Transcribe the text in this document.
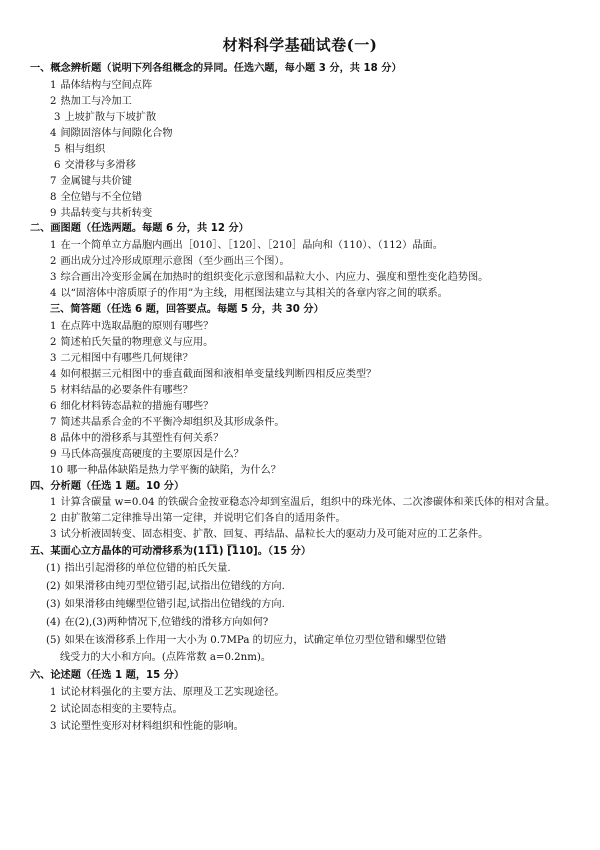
材料科学基础试卷(一)
一、概念辨析题（说明下列各组概念的异同。任选六题，每小题 3 分，共 18 分）
1 晶体结构与空间点阵
2 热加工与冷加工
3 上坡扩散与下坡扩散
4 间隙固溶体与间隙化合物
5 相与组织
6 交滑移与多滑移
7 金属键与共价键
8 全位错与不全位错
9 共晶转变与共析转变
二、画图题（任选两题。每题 6 分，共 12 分）
1 在一个简单立方晶胞内画出［010］、［120］、［210］晶向和（110）、（112）晶面。
2 画出成分过冷形成原理示意图（至少画出三个图）。
3 综合画出冷变形金属在加热时的组织变化示意图和晶粒大小、内应力、强度和塑性变化趋势图。
4 以“固溶体中溶质原子的作用”为主线，用框图法建立与其相关的各章内容之间的联系。
三、简答题（任选 6 题，回答要点。每题 5 分，共 30 分）
1 在点阵中选取晶胞的原则有哪些？
2 简述柏氏矢量的物理意义与应用。
3 二元相图中有哪些几何规律？
4 如何根据三元相图中的垂直截面图和液相单变量线判断四相反应类型？
5 材料结晶的必要条件有哪些？
6 细化材料铸态晶粒的措施有哪些？
7 简述共晶系合金的不平衡冷却组织及其形成条件。
8 晶体中的滑移系与其塑性有何关系？
9 马氏体高强度高硬度的主要原因是什么？
10 哪一种晶体缺陷是热力学平衡的缺陷，为什么？
四、分析题（任选 1 题。10 分）
1 计算含碳量 w=0.04 的铁碳合金按亚稳态冷却到室温后，组织中的珠光体、二次渗碳体和莱氏体的相对含量。
2 由扩散第二定律推导出第一定律，并说明它们各自的适用条件。
3 试分析液固转变、固态相变、扩散、回复、再结晶、晶粒长大的驱动力及可能对应的工艺条件。
五、某面心立方晶体的可动滑移系为(11͞1) [͞110]。（15 分）
(1) 指出引起滑移的单位位错的柏氏矢量.
(2) 如果滑移由纯刃型位错引起,试指出位错线的方向.
(3) 如果滑移由纯螺型位错引起,试指出位错线的方向.
(4) 在(2),(3)两种情况下,位错线的滑移方向如何?
(5) 如果在该滑移系上作用一大小为 0.7MPa 的切应力，试确定单位刃型位错和螺型位错
线受力的大小和方向。(点阵常数 a=0.2nm)。
六、论述题（任选 1 题，15 分）
1 试论材料强化的主要方法、原理及工艺实现途径。
2 试论固态相变的主要特点。
3 试论塑性变形对材料组织和性能的影响。
